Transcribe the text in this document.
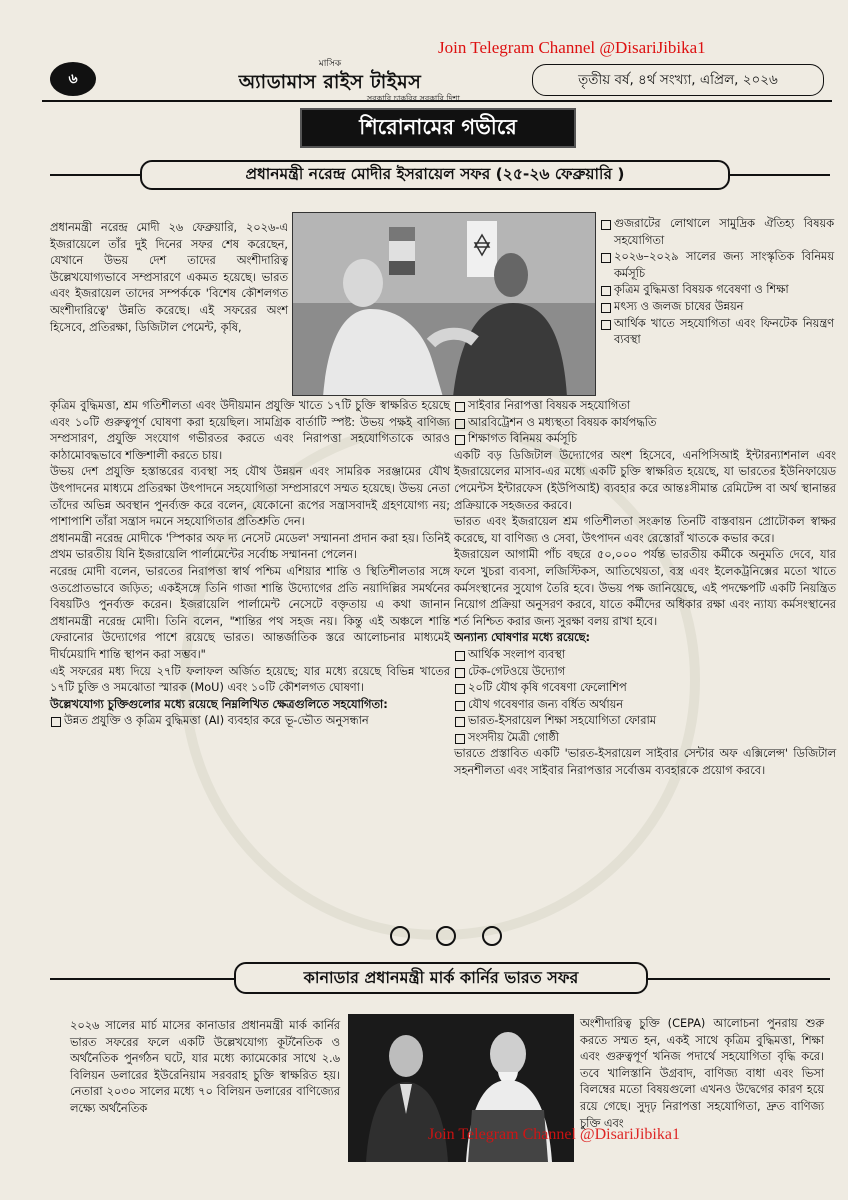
Join Telegram Channel @DisariJibika1
৬
মাসিক
অ্যাডামাস রাইস টাইমস
সরকারি চাকরির সরকারি দিশা
তৃতীয় বর্ষ, ৪র্থ সংখ্যা, এপ্রিল, ২০২৬
শিরোনামের গভীরে
প্রধানমন্ত্রী নরেন্দ্র মোদীর ইসরায়েল সফর (২৫-২৬ ফেব্রুয়ারি )
প্রধানমন্ত্রী নরেন্দ্র মোদী ২৬ ফেব্রুয়ারি, ২০২৬-এ ইজরায়েলে তাঁর দুই দিনের সফর শেষ করেছেন, যেখানে উভয় দেশ তাদের অংশীদারিত্ব উল্লেখযোগ্যভাবে সম্প্রসারণে একমত হয়েছে। ভারত এবং ইজরায়েল তাদের সম্পর্ককে 'বিশেষ কৌশলগত অংশীদারিত্বে' উন্নতি করেছে। এই সফরের অংশ হিসেবে, প্রতিরক্ষা, ডিজিটাল পেমেন্ট, কৃষি,
গুজরাটের লোথালে সামুদ্রিক ঐতিহ্য বিষয়ক সহযোগিতা
২০২৬–২০২৯ সালের জন্য সাংস্কৃতিক বিনিময় কর্মসূচি
কৃত্রিম বুদ্ধিমত্তা বিষয়ক গবেষণা ও শিক্ষা
মৎস্য ও জলজ চাষের উন্নয়ন
আর্থিক খাতে সহযোগিতা এবং ফিনটেক নিয়ন্ত্রণ ব্যবস্থা

কৃত্রিম বুদ্ধিমত্তা, শ্রম গতিশীলতা এবং উদীয়মান প্রযুক্তি খাতে ১৭টি চুক্তি স্বাক্ষরিত হয়েছে এবং ১০টি গুরুত্বপূর্ণ ঘোষণা করা হয়েছিল। সামগ্রিক বার্তাটি স্পষ্ট: উভয় পক্ষই বাণিজ্য সম্প্রসারণ, প্রযুক্তি সংযোগ গভীরতর করতে এবং নিরাপত্তা সহযোগিতাকে আরও কাঠামোবদ্ধভাবে শক্তিশালী করতে চায়।

উভয় দেশ প্রযুক্তি হস্তান্তরের ব্যবস্থা সহ যৌথ উন্নয়ন এবং সামরিক সরঞ্জামের যৌথ উৎপাদনের মাধ্যমে প্রতিরক্ষা উৎপাদনে সহযোগিতা সম্প্রসারণে সম্মত হয়েছে। উভয় নেতা তাঁদের অভিন্ন অবস্থান পুনর্ব্যক্ত করে বলেন, যেকোনো রূপের সন্ত্রাসবাদই গ্রহণযোগ্য নয়; পাশাপাশি তাঁরা সন্ত্রাস দমনে সহযোগিতার প্রতিশ্রুতি দেন।

প্রধানমন্ত্রী নরেন্দ্র মোদীকে 'স্পিকার অফ দ্য নেসেট মেডেল' সম্মাননা প্রদান করা হয়। তিনিই প্রথম ভারতীয় যিনি ইজরায়েলি পার্লামেন্টের সর্বোচ্চ সম্মাননা পেলেন।

নরেন্দ্র মোদী বলেন, ভারতের নিরাপত্তা স্বার্থ পশ্চিম এশিয়ার শান্তি ও স্থিতিশীলতার সঙ্গে ওতপ্রোতভাবে জড়িত; একইসঙ্গে তিনি গাজা শান্তি উদ্যোগের প্রতি নয়াদিল্লির সমর্থনের বিষয়টিও পুনর্ব্যক্ত করেন। ইজরায়েলি পার্লামেন্ট নেসেটে বক্তৃতায় এ কথা জানান প্রধানমন্ত্রী নরেন্দ্র মোদী। তিনি বলেন, "শান্তির পথ সহজ নয়। কিন্তু এই অঞ্চলে শান্তি ফেরানোর উদ্যোগের পাশে রয়েছে ভারত। আন্তর্জাতিক স্তরে আলোচনার মাধ্যমেই দীর্ঘমেয়াদি শান্তি স্থাপন করা সম্ভব।"

এই সফরের মধ্য দিয়ে ২৭টি ফলাফল অর্জিত হয়েছে; যার মধ্যে রয়েছে বিভিন্ন খাতের ১৭টি চুক্তি ও সমঝোতা স্মারক (MoU) এবং ১০টি কৌশলগত ঘোষণা।

উল্লেখযোগ্য চুক্তিগুলোর মধ্যে রয়েছে নিম্নলিখিত ক্ষেত্রগুলিতে সহযোগিতা:

উন্নত প্রযুক্তি ও কৃত্রিম বুদ্ধিমত্তা (AI) ব্যবহার করে ভূ-ভৌত অনুসন্ধান
সাইবার নিরাপত্তা বিষয়ক সহযোগিতা
আরবিট্রেশন ও মধ্যস্থতা বিষয়ক কার্যপদ্ধতি
শিক্ষাগত বিনিময় কর্মসূচি

একটি বড় ডিজিটাল উদ্যোগের অংশ হিসেবে, এনপিসিআই ইন্টারন্যাশনাল এবং ইজরায়েলের মাসাব-এর মধ্যে একটি চুক্তি স্বাক্ষরিত হয়েছে, যা ভারতের ইউনিফায়েড পেমেন্টস ইন্টারফেস (ইউপিআই) ব্যবহার করে আন্তঃসীমান্ত রেমিটেন্স বা অর্থ স্থানান্তর প্রক্রিয়াকে সহজতর করবে।

ভারত এবং ইজরায়েল শ্রম গতিশীলতা সংক্রান্ত তিনটি বাস্তবায়ন প্রোটোকল স্বাক্ষর করেছে, যা বাণিজ্য ও সেবা, উৎপাদন এবং রেস্তোরাঁ খাতকে কভার করে।

ইজরায়েল আগামী পাঁচ বছরে ৫০,০০০ পর্যন্ত ভারতীয় কর্মীকে অনুমতি দেবে, যার ফলে খুচরা ব্যবসা, লজিস্টিকস, আতিথেয়তা, বস্ত্র এবং ইলেকট্রনিক্সের মতো খাতে কর্মসংস্থানের সুযোগ তৈরি হবে। উভয় পক্ষ জানিয়েছে, এই পদক্ষেপটি একটি নিয়ন্ত্রিত নিয়োগ প্রক্রিয়া অনুসরণ করবে, যাতে কর্মীদের অধিকার রক্ষা এবং ন্যায্য কর্মসংস্থানের শর্ত নিশ্চিত করার জন্য সুরক্ষা বলয় রাখা হবে।

অন্যান্য ঘোষণার মধ্যে রয়েছে:

আর্থিক সংলাপ ব্যবস্থা
টেক-গেটওয়ে উদ্যোগ
২০টি যৌথ কৃষি গবেষণা ফেলোশিপ
যৌথ গবেষণার জন্য বর্ধিত অর্থায়ন
ভারত-ইসরায়েল শিক্ষা সহযোগিতা ফোরাম
সংসদীয় মৈত্রী গোষ্ঠী

ভারতে প্রস্তাবিত একটি 'ভারত-ইসরায়েল সাইবার সেন্টার অফ এক্সিলেন্স' ডিজিটাল সহনশীলতা এবং সাইবার নিরাপত্তার সর্বোত্তম ব্যবহারকে প্রয়োগ করবে।

কানাডার প্রধানমন্ত্রী মার্ক কার্নির ভারত সফর
২০২৬ সালের মার্চ মাসের কানাডার প্রধানমন্ত্রী মার্ক কার্নির ভারত সফরের ফলে একটি উল্লেখযোগ্য কূটনৈতিক ও অর্থনৈতিক পুনর্গঠন ঘটে, যার মধ্যে ক্যামেকোর সাথে ২.৬ বিলিয়ন ডলারের ইউরেনিয়াম সরবরাহ চুক্তি স্বাক্ষরিত হয়। নেতারা ২০৩০ সালের মধ্যে ৭০ বিলিয়ন ডলারের বাণিজ্যের লক্ষ্যে অর্থনৈতিক
অংশীদারিত্ব চুক্তি (CEPA) আলোচনা পুনরায় শুরু করতে সম্মত হন, একই সাথে কৃত্রিম বুদ্ধিমত্তা, শিক্ষা এবং গুরুত্বপূর্ণ খনিজ পদার্থে সহযোগিতা বৃদ্ধি করে। তবে খালিস্তানি উগ্রবাদ, বাণিজ্য বাধা এবং ভিসা বিলম্বের মতো বিষয়গুলো এখনও উদ্বেগের কারণ হয়ে রয়ে গেছে। সুদৃঢ় নিরাপত্তা সহযোগিতা, দ্রুত বাণিজ্য চুক্তি এবং
Join Telegram Channel @DisariJibika1
